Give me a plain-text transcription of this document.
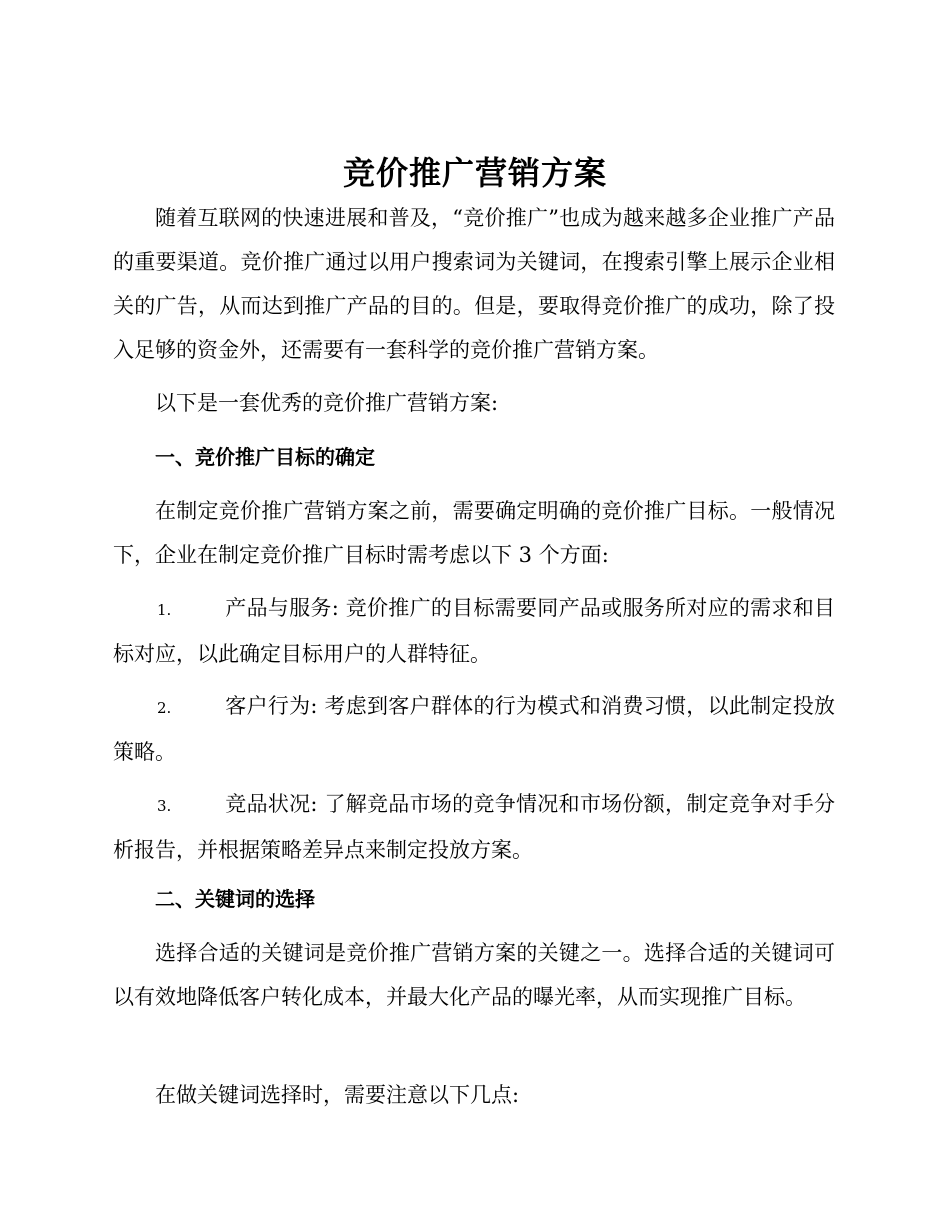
竞价推广营销方案

随着互联网的快速进展和普及，“竞价推广”也成为越来越多企业推广产品的重要渠道。竞价推广通过以用户搜索词为关键词，在搜索引擎上展示企业相关的广告，从而达到推广产品的目的。但是，要取得竞价推广的成功，除了投入足够的资金外，还需要有一套科学的竞价推广营销方案。

以下是一套优秀的竞价推广营销方案:

一、竞价推广目标的确定

在制定竞价推广营销方案之前，需要确定明确的竞价推广目标。一般情况下，企业在制定竞价推广目标时需考虑以下 3 个方面:

1.	产品与服务: 竞价推广的目标需要同产品或服务所对应的需求和目标对应，以此确定目标用户的人群特征。

2.	客户行为: 考虑到客户群体的行为模式和消费习惯，以此制定投放策略。

3.	竞品状况: 了解竞品市场的竞争情况和市场份额，制定竞争对手分析报告，并根据策略差异点来制定投放方案。

二、关键词的选择

选择合适的关键词是竞价推广营销方案的关键之一。选择合适的关键词可以有效地降低客户转化成本，并最大化产品的曝光率，从而实现推广目标。

在做关键词选择时，需要注意以下几点:
